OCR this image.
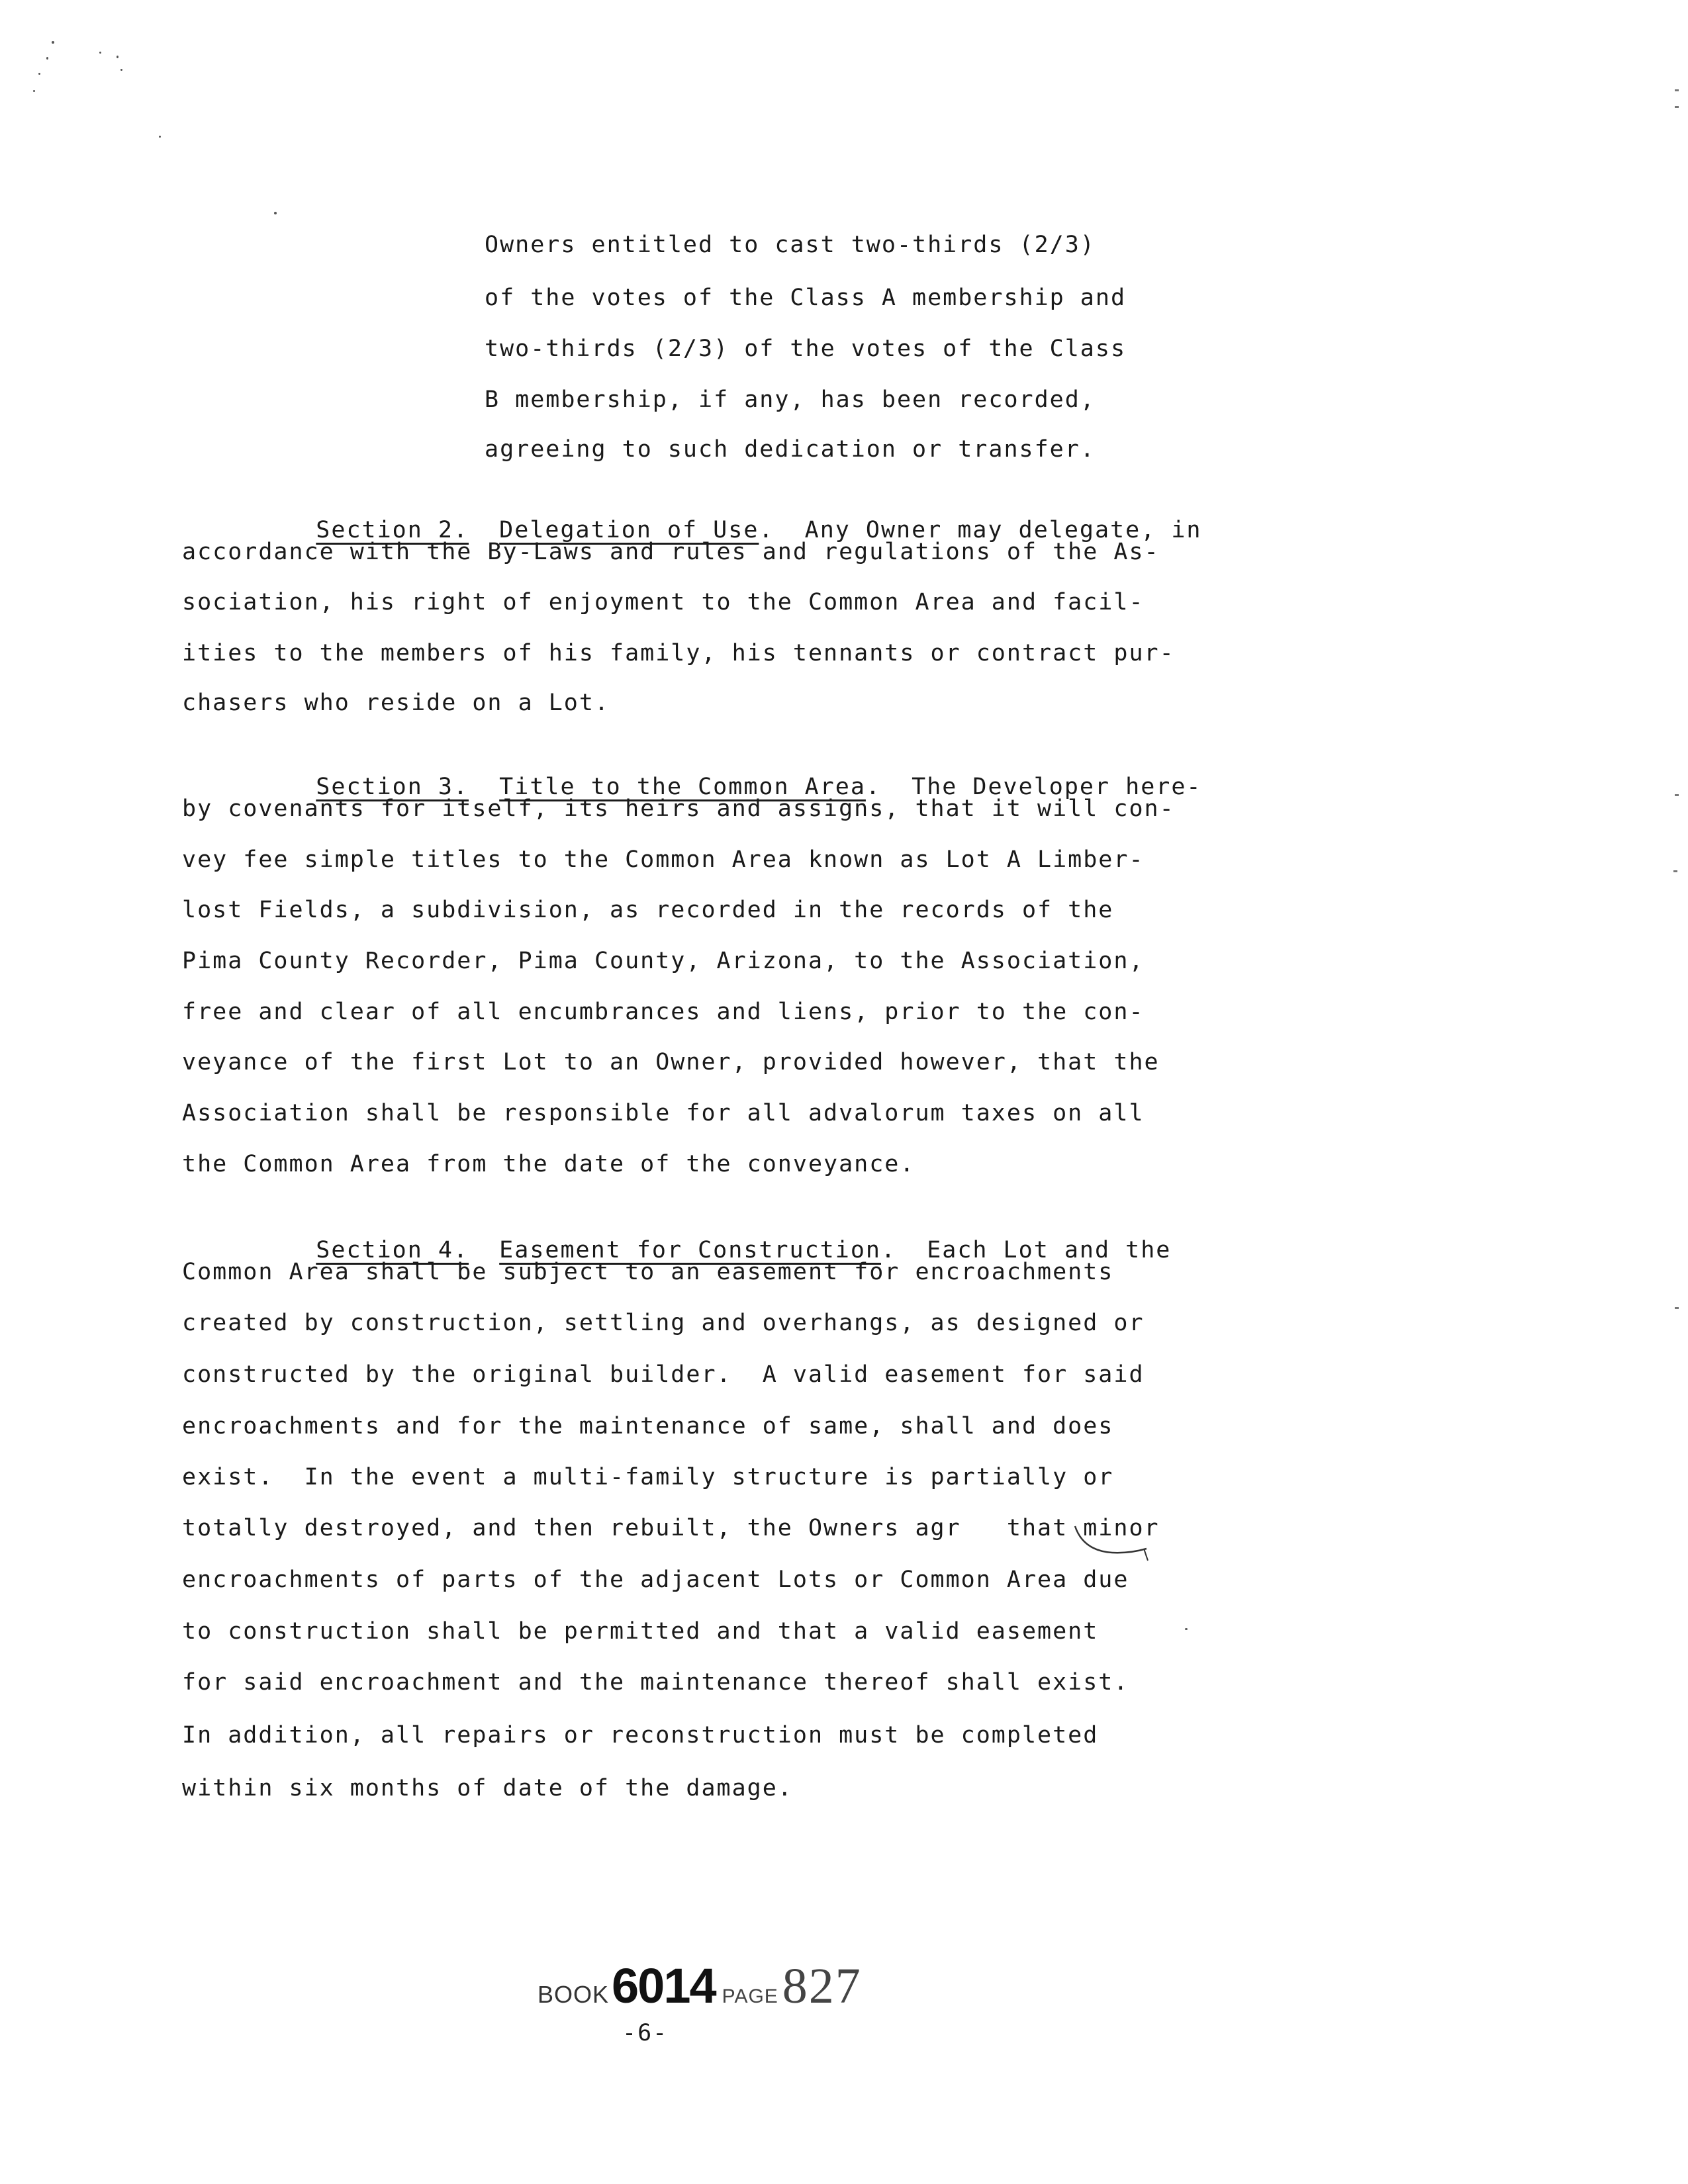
Owners entitled to cast two-thirds (2/3)
of the votes of the Class A membership and
two-thirds (2/3) of the votes of the Class
B membership, if any, has been recorded,
agreeing to such dedication or transfer.

Section 2. Delegation of Use.  Any Owner may delegate, in

accordance with the By-Laws and rules and regulations of the As-
sociation, his right of enjoyment to the Common Area and facil-
ities to the members of his family, his tennants or contract pur-
chasers who reside on a Lot.

Section 3. Title to the Common Area.  The Developer here-

by covenants for itself, its heirs and assigns, that it will con-
vey fee simple titles to the Common Area known as Lot A Limber-
lost Fields, a subdivision, as recorded in the records of the
Pima County Recorder, Pima County, Arizona, to the Association,
free and clear of all encumbrances and liens, prior to the con-
veyance of the first Lot to an Owner, provided however, that the
Association shall be responsible for all advalorum taxes on all
the Common Area from the date of the conveyance.

Section 4. Easement for Construction.  Each Lot and the

Common Area shall be subject to an easement for encroachments
created by construction, settling and overhangs, as designed or
constructed by the original builder.  A valid easement for said
encroachments and for the maintenance of same, shall and does
exist.  In the event a multi-family structure is partially or
totally destroyed, and then rebuilt, the Owners agr   that minor
encroachments of parts of the adjacent Lots or Common Area due
to construction shall be permitted and that a valid easement
for said encroachment and the maintenance thereof shall exist.
In addition, all repairs or reconstruction must be completed
within six months of date of the damage.
BOOK6014 PAGE827
-6-
